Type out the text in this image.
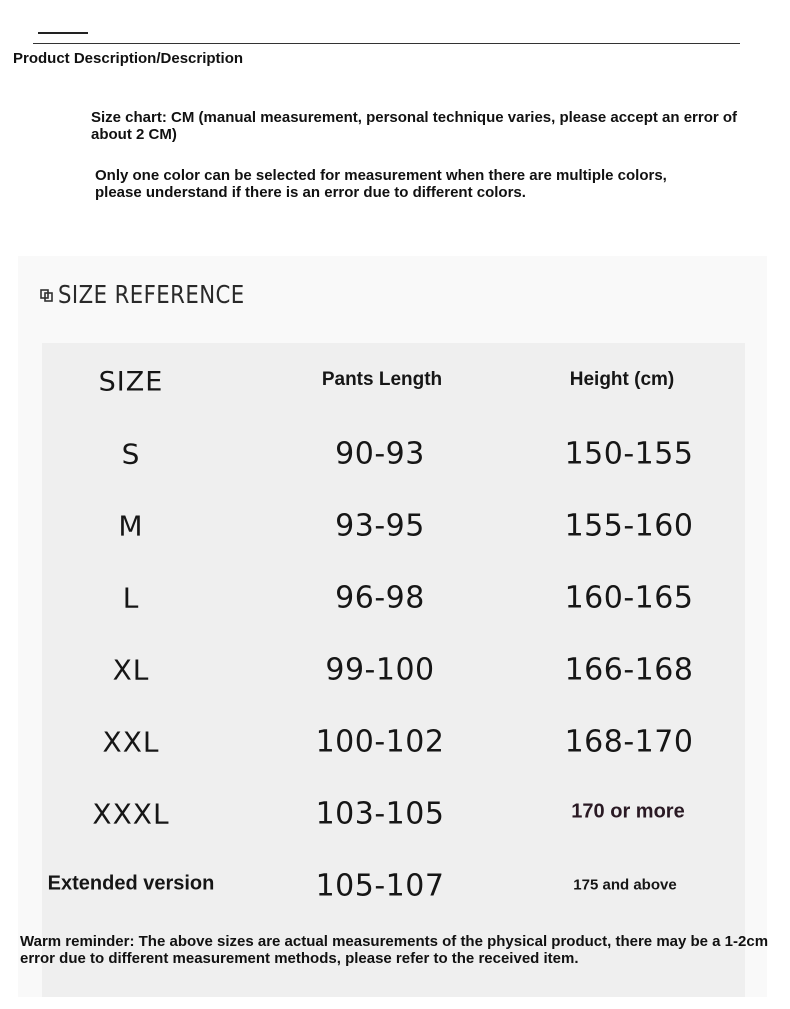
Product Description/Description
Size chart: CM (manual measurement, personal technique varies, please accept an error of about 2 CM)
Only one color can be selected for measurement when there are multiple colors, please understand if there is an error due to different colors.
SIZE REFERENCE
SIZE	Pants Length	Height (cm)
S	90-93	150-155
M	93-95	155-160
L	96-98	160-165
XL	99-100	166-168
XXL	100-102	168-170
XXXL	103-105	170 or more
Extended version	105-107	175 and above
Warm reminder: The above sizes are actual measurements of the physical product, there may be a 1-2cm error due to different measurement methods, please refer to the received item.
